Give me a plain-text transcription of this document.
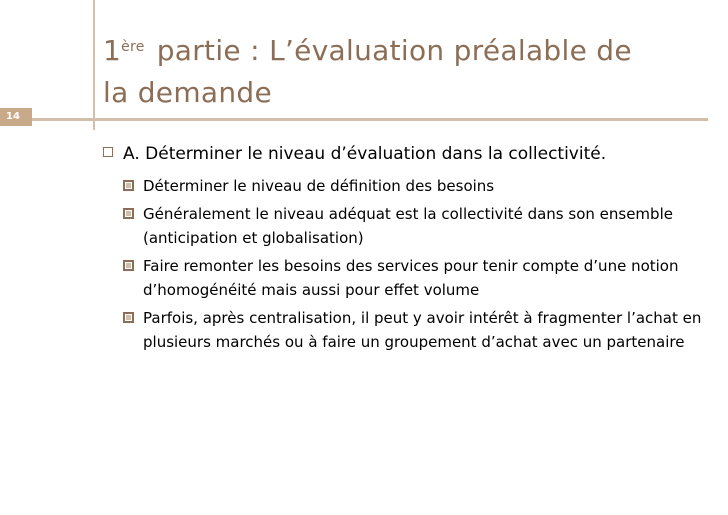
14
1ère partie : L’évaluation préalable de
la demande
A. Déterminer le niveau d’évaluation dans la collectivité.
Déterminer le niveau de définition des besoins
Généralement le niveau adéquat est la collectivité dans son ensemble (anticipation et globalisation)
Faire remonter les besoins des services pour tenir compte d’une notion d’homogénéité mais aussi pour effet volume
Parfois, après centralisation, il peut y avoir intérêt à fragmenter l’achat en plusieurs marchés ou à faire un groupement d’achat avec un partenaire
